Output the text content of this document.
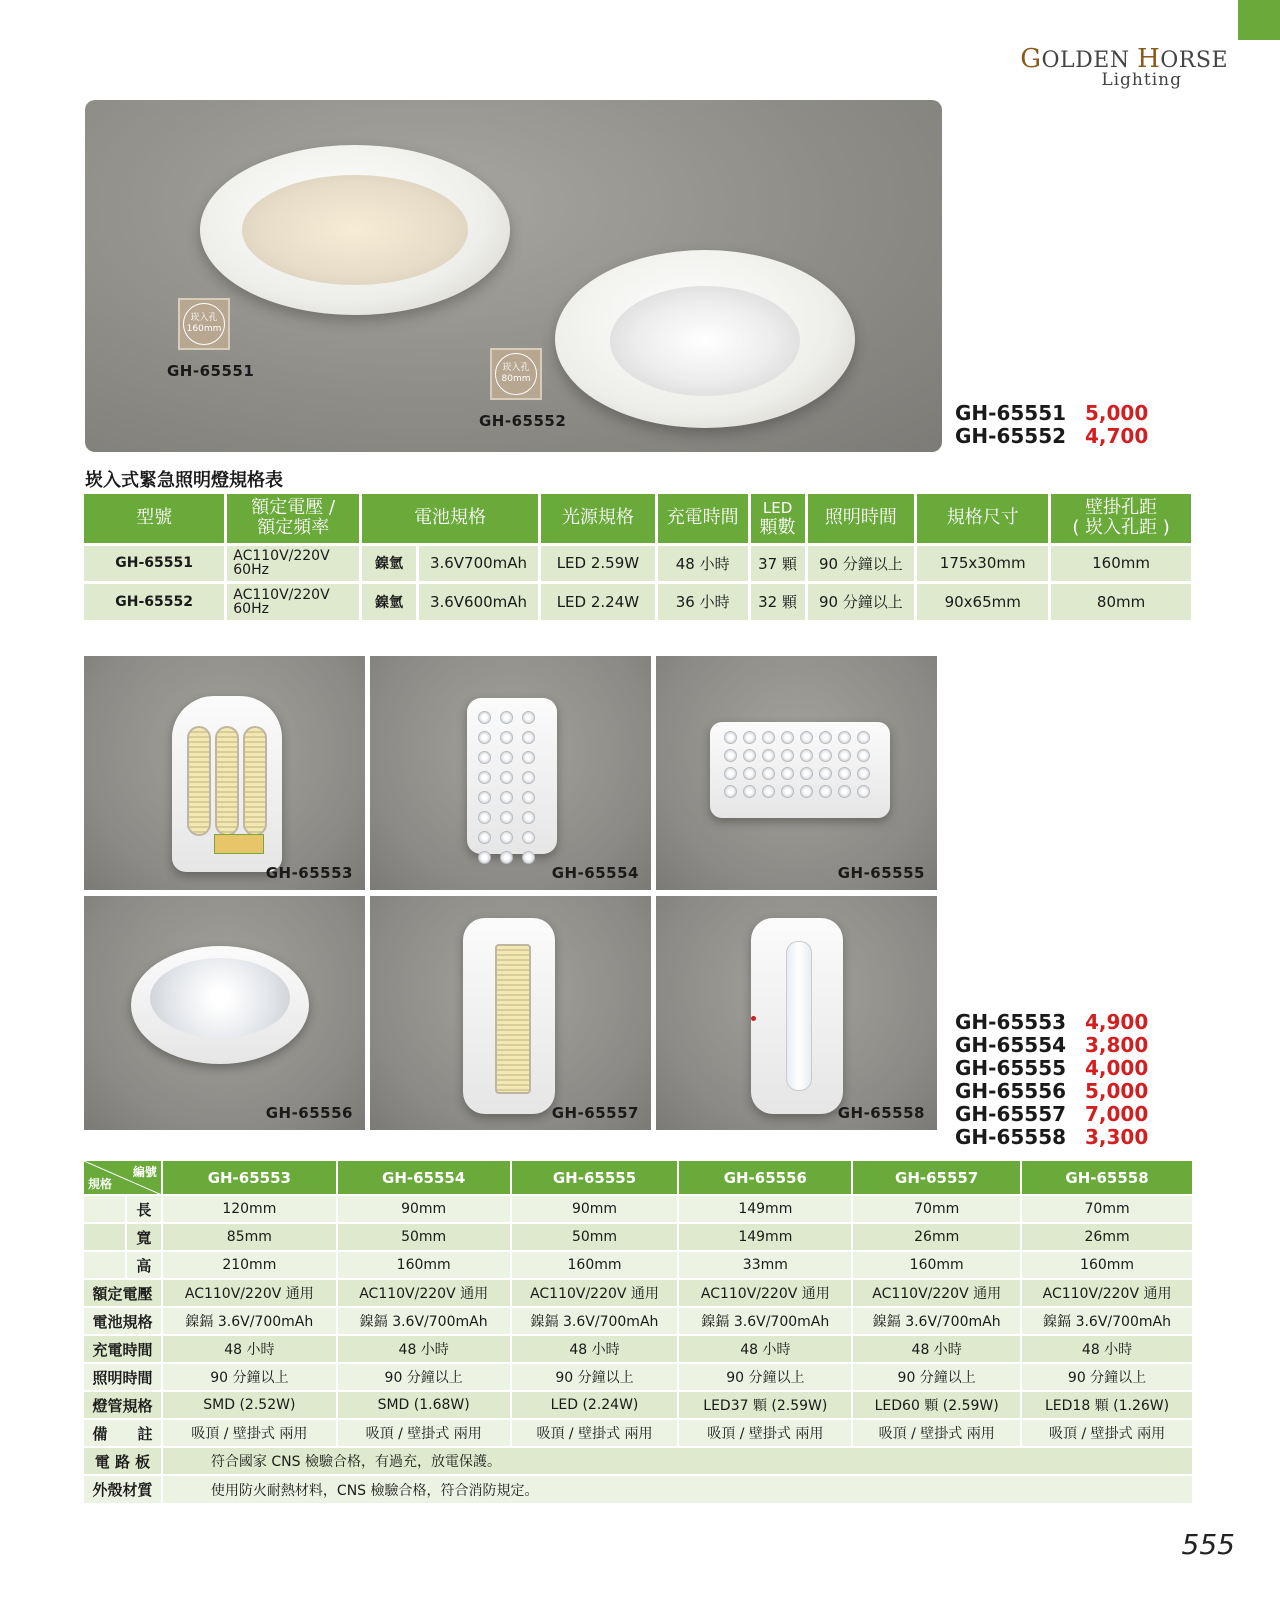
GOLDEN HORSE
Lighting
崁入孔
160mm
GH-65551	崁入孔
80mm
GH-65552	GH-65551 5,000
GH-65552 4,700
崁入式緊急照明燈規格表
型號	額定電壓 /
額定頻率	電池規格		光源規格	充電時間	LED
顆數	照明時間	規格尺寸	壁掛孔距
( 崁入孔距 )
GH-65551	AC110V/220V
60Hz	鎳氫	3.6V700mAh	LED 2.59W	48 小時	37 顆	90 分鐘以上	175x30mm	160mm
GH-65552	AC110V/220V
60Hz	鎳氫	3.6V600mAh	LED 2.24W	36 小時	32 顆	90 分鐘以上	90x65mm	80mm
GH-65553	GH-65554	GH-65555
GH-65556	GH-65557	GH-65558
GH-65553 4,900
GH-65554 3,800
GH-65555 4,000
GH-65556 5,000
GH-65557 7,000
GH-65558 3,300
編號
規格		GH-65553	GH-65554	GH-65555	GH-65556	GH-65557	GH-65558
	長	120mm	90mm	90mm	149mm	70mm	70mm
	寬	85mm	50mm	50mm	149mm	26mm	26mm
	高	210mm	160mm	160mm	33mm	160mm	160mm
額定電壓		AC110V/220V 通用	AC110V/220V 通用	AC110V/220V 通用	AC110V/220V 通用	AC110V/220V 通用	AC110V/220V 通用
電池規格		鎳鎘 3.6V/700mAh	鎳鎘 3.6V/700mAh	鎳鎘 3.6V/700mAh	鎳鎘 3.6V/700mAh	鎳鎘 3.6V/700mAh	鎳鎘 3.6V/700mAh
充電時間		48 小時	48 小時	48 小時	48 小時	48 小時	48 小時
照明時間		90 分鐘以上	90 分鐘以上	90 分鐘以上	90 分鐘以上	90 分鐘以上	90 分鐘以上
燈管規格		SMD (2.52W)	SMD (1.68W)	LED (2.24W)	LED37 顆 (2.59W)	LED60 顆 (2.59W)	LED18 顆 (1.26W)
備　　註		吸頂 / 壁掛式 兩用	吸頂 / 壁掛式 兩用	吸頂 / 壁掛式 兩用	吸頂 / 壁掛式 兩用	吸頂 / 壁掛式 兩用	吸頂 / 壁掛式 兩用
電 路 板		符合國家 CNS 檢驗合格，有過充，放電保護。					
外殼材質		使用防火耐熱材料，CNS 檢驗合格，符合消防規定。					
555
